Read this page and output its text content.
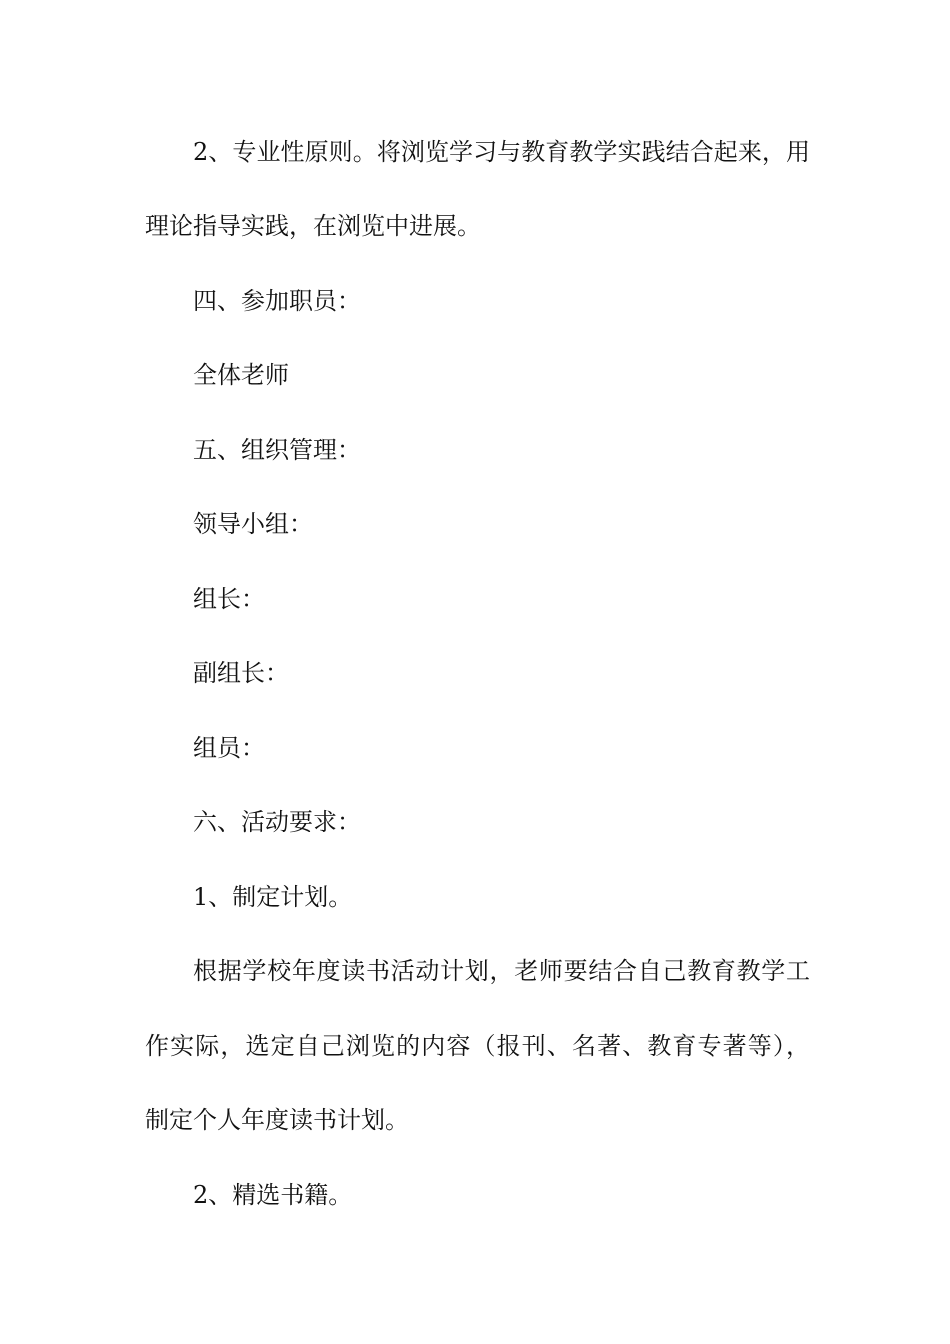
2、专业性原则。将浏览学习与教育教学实践结合起来，用
理论指导实践，在浏览中进展。
四、参加职员：
全体老师
五、组织管理：
领导小组：
组长：
副组长：
组员：
六、活动要求：
1、制定计划。
根据学校年度读书活动计划，老师要结合自己教育教学工
作实际，选定自己浏览的内容（报刊、名著、教育专著等），
制定个人年度读书计划。
2、精选书籍。
